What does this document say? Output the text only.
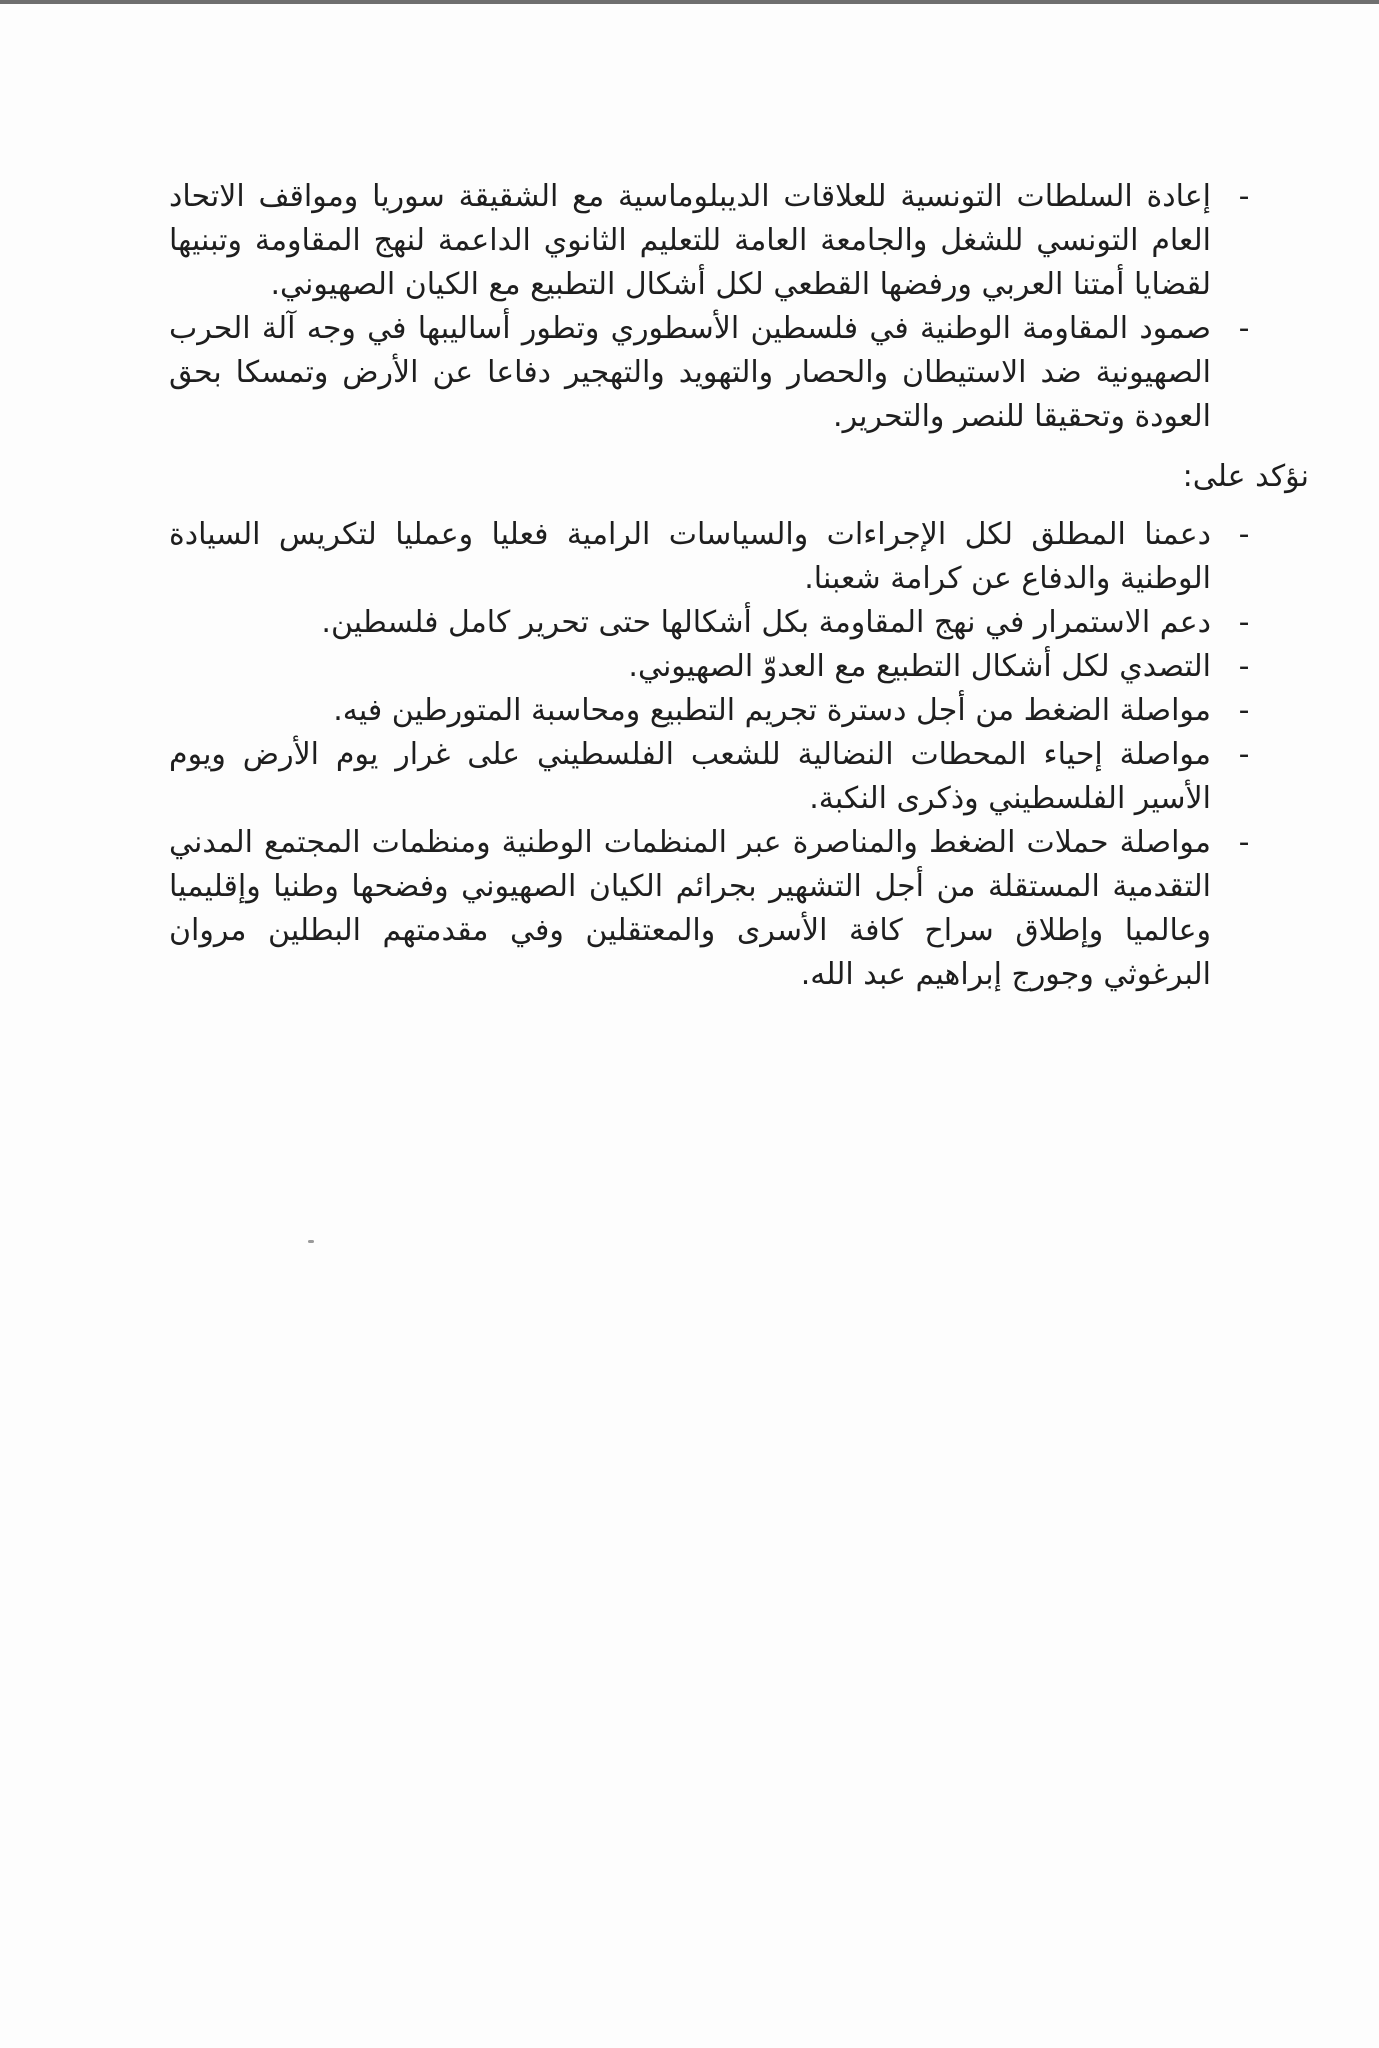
-
إعادة السلطات التونسية للعلاقات الديبلوماسية مع الشقيقة سوريا ومواقف الاتحاد العام التونسي للشغل والجامعة العامة للتعليم الثانوي الداعمة لنهج المقاومة وتبنيها لقضايا أمتنا العربي ورفضها القطعي لكل أشكال التطبيع مع الكيان الصهيوني.
-
صمود المقاومة الوطنية في فلسطين الأسطوري وتطور أساليبها في وجه آلة الحرب الصهيونية ضد الاستيطان والحصار والتهويد والتهجير دفاعا عن الأرض وتمسكا بحق العودة وتحقيقا للنصر والتحرير.

نؤكد على:

-
دعمنا المطلق لكل الإجراءات والسياسات الرامية فعليا وعمليا لتكريس السيادة الوطنية والدفاع عن كرامة شعبنا.
-
دعم الاستمرار في نهج المقاومة بكل أشكالها حتى تحرير كامل فلسطين.
-
التصدي لكل أشكال التطبيع مع العدوّ الصهيوني.
-
مواصلة الضغط من أجل دسترة تجريم التطبيع ومحاسبة المتورطين فيه.
-
مواصلة إحياء المحطات النضالية للشعب الفلسطيني على غرار يوم الأرض ويوم الأسير الفلسطيني وذكرى النكبة.
-
مواصلة حملات الضغط والمناصرة عبر المنظمات الوطنية ومنظمات المجتمع المدني التقدمية المستقلة من أجل التشهير بجرائم الكيان الصهيوني وفضحها وطنيا وإقليميا وعالميا وإطلاق سراح كافة الأسرى والمعتقلين وفي مقدمتهم البطلين مروان البرغوثي وجورج إبراهيم عبد الله.
